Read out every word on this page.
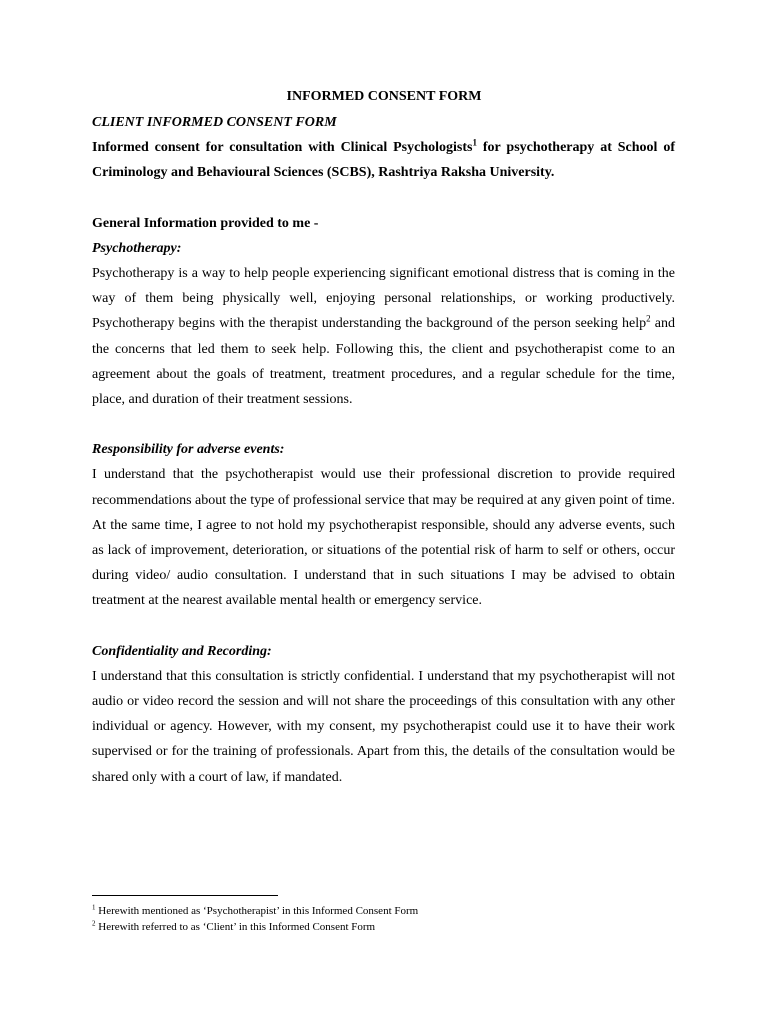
INFORMED CONSENT FORM

CLIENT INFORMED CONSENT FORM

Informed consent for consultation with Clinical Psychologists$^1$ for psychotherapy at School of Criminology and Behavioural Sciences (SCBS), Rashtriya Raksha University.

General Information provided to me -

Psychotherapy:

Psychotherapy is a way to help people experiencing significant emotional distress that is coming in the way of them being physically well, enjoying personal relationships, or working productively. Psychotherapy begins with the therapist understanding the background of the person seeking help$^2$ and the concerns that led them to seek help. Following this, the client and psychotherapist come to an agreement about the goals of treatment, treatment procedures, and a regular schedule for the time, place, and duration of their treatment sessions.

Responsibility for adverse events:

I understand that the psychotherapist would use their professional discretion to provide required recommendations about the type of professional service that may be required at any given point of time. At the same time, I agree to not hold my psychotherapist responsible, should any adverse events, such as lack of improvement, deterioration, or situations of the potential risk of harm to self or others, occur during video/ audio consultation. I understand that in such situations I may be advised to obtain treatment at the nearest available mental health or emergency service.

Confidentiality and Recording:

I understand that this consultation is strictly confidential. I understand that my psychotherapist will not audio or video record the session and will not share the proceedings of this consultation with any other individual or agency. However, with my consent, my psychotherapist could use it to have their work supervised or for the training of professionals. Apart from this, the details of the consultation would be shared only with a court of law, if mandated.

$^1$ Herewith mentioned as ‘Psychotherapist’ in this Informed Consent Form

$^2$ Herewith referred to as ‘Client’ in this Informed Consent Form
